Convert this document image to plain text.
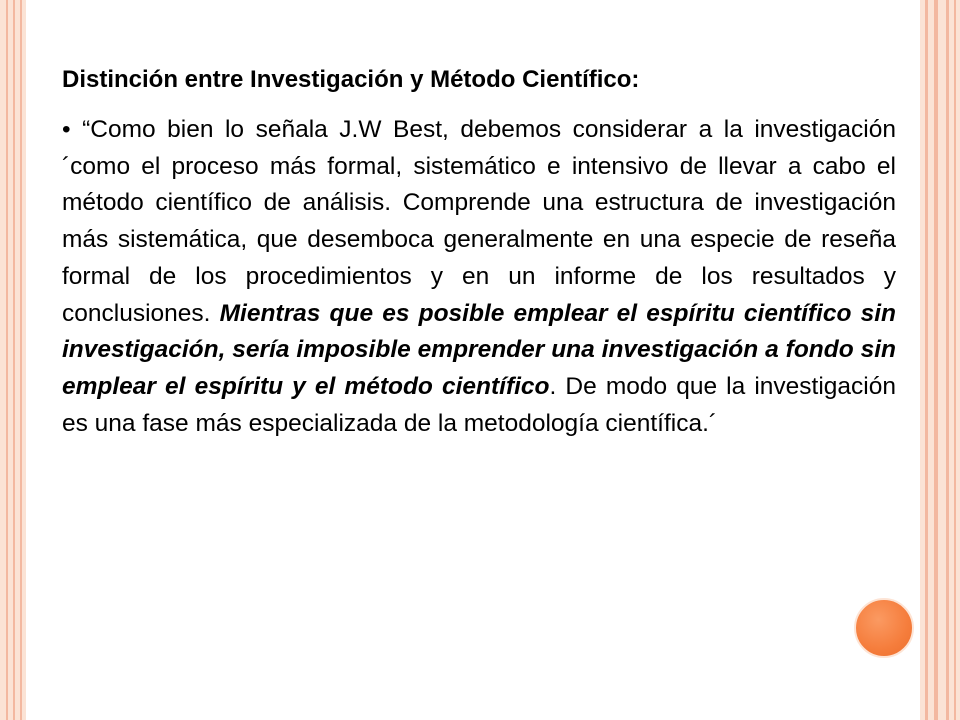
Distinción entre Investigación y Método Científico:

• “Como bien lo señala J.W Best, debemos considerar a la investigación ´como el proceso más formal, sistemático e intensivo de llevar a cabo el método científico de análisis. Comprende una estructura de investigación más sistemática, que desemboca generalmente en una especie de reseña formal de los procedimientos y en un informe de los resultados y conclusiones. Mientras que es posible emplear el espíritu científico sin investigación, sería imposible emprender una investigación a fondo sin emplear el espíritu y el método científico. De modo que la investigación es una fase más especializada de la metodología científica.´
